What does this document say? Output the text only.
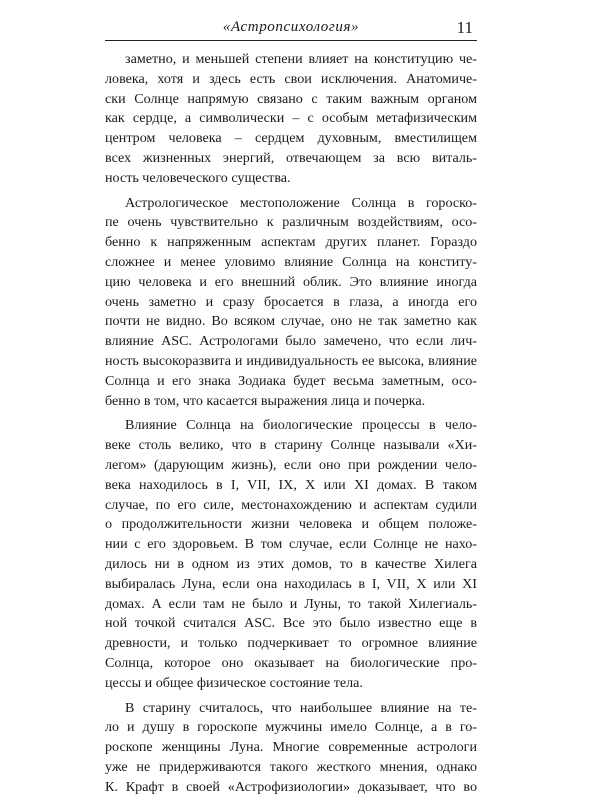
«Астропсихология»	11
заметно, и меньшей степени влияет на конституцию че-
ловека, хотя и здесь есть свои исключения. Анатомиче-
ски Солнце напрямую связано с таким важным органом
как сердце, а символически – с особым метафизическим
центром человека – сердцем духовным, вместилищем
всех жизненных энергий, отвечающем за всю виталь-
ность человеческого существа.
Астрологическое местоположение Солнца в гороско-
пе очень чувствительно к различным воздействиям, осо-
бенно к напряженным аспектам других планет. Гораздо
сложнее и менее уловимо влияние Солнца на конститу-
цию человека и его внешний облик. Это влияние иногда
очень заметно и сразу бросается в глаза, а иногда его
почти не видно. Во всяком случае, оно не так заметно как
влияние ASC. Астрологами было замечено, что если лич-
ность высокоразвита и индивидуальность ее высока, влияние
Солнца и его знака Зодиака будет весьма заметным, осо-
бенно в том, что касается выражения лица и почерка.
Влияние Солнца на биологические процессы в чело-
веке столь велико, что в старину Солнце называли «Хи-
легом» (дарующим жизнь), если оно при рождении чело-
века находилось в I, VII, IX, X или XI домах. В таком
случае, по его силе, местонахождению и аспектам судили
о продолжительности жизни человека и общем положе-
нии с его здоровьем. В том случае, если Солнце не нахо-
дилось ни в одном из этих домов, то в качестве Хилега
выбиралась Луна, если она находилась в I, VII, X или XI
домах. А если там не было и Луны, то такой Хилегиаль-
ной точкой считался ASC. Все это было известно еще в
древности, и только подчеркивает то огромное влияние
Солнца, которое оно оказывает на биологические про-
цессы и общее физическое состояние тела.
В старину считалось, что наибольшее влияние на те-
ло и душу в гороскопе мужчины имело Солнце, а в го-
роскопе женщины Луна. Многие современные астрологи
уже не придерживаются такого жесткого мнения, однако
К. Крафт в своей «Астрофизиологии» доказывает, что во
